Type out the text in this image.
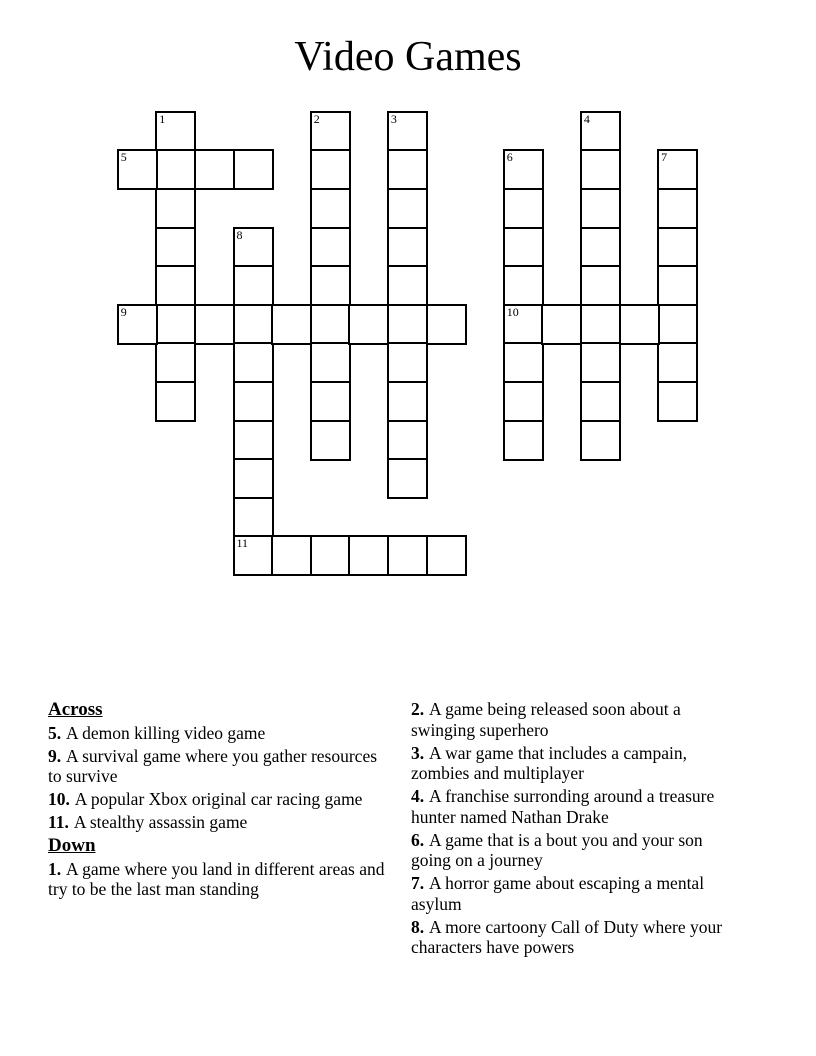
Video Games
1	2	3	4
5	6
10
7
8
11
9
Across
5. A demon killing video game
9. A survival game where you gather resources to survive
10. A popular Xbox original car racing game
11. A stealthy assassin game
Down
1. A game where you land in different areas and try to be the last man standing
2. A game being released soon about a swinging superhero
3. A war game that includes a campain, zombies and multiplayer
4. A franchise surronding around a treasure hunter named Nathan Drake
6. A game that is a bout you and your son going on a journey
7. A horror game about escaping a mental asylum
8. A more cartoony Call of Duty where your characters have powers
